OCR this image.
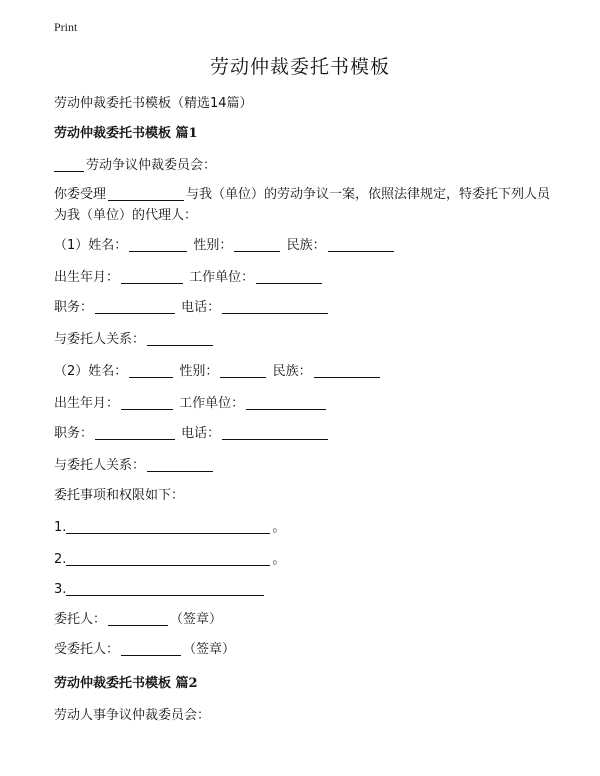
Print
劳动仲裁委托书模板
劳动仲裁委托书模板（精选14篇）
劳动仲裁委托书模板 篇1
劳动争议仲裁委员会：
你委受理	与我（单位）的劳动争议一案，依照法律规定，特委托下列人员为我（单位）的代理人：
（1）姓名：	性别：	民族：
出生年月：	工作单位：
职务：	电话：
与委托人关系：
（2）姓名：	性别：	民族：
出生年月：	工作单位：
职务：	电话：
与委托人关系：
委托事项和权限如下：
1.	。
2.	。
3.
委托人：	（签章）
受委托人：	（签章）
劳动仲裁委托书模板 篇2
劳动人事争议仲裁委员会：
